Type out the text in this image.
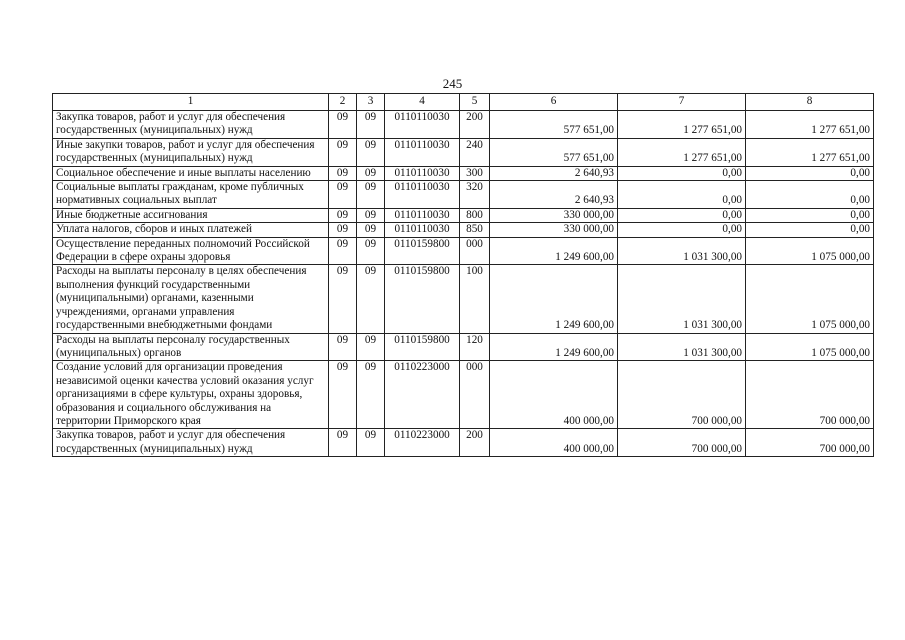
245
1	2	3	4	5	6	7	8
Закупка товаров, работ и услуг для обеспечения государственных (муниципальных) нужд	09	09	0110110030	200	577 651,00	1 277 651,00	1 277 651,00
Иные закупки товаров, работ и услуг для обеспечения государственных (муниципальных) нужд	09	09	0110110030	240	577 651,00	1 277 651,00	1 277 651,00
Социальное обеспечение и иные выплаты населению	09	09	0110110030	300	2 640,93	0,00	0,00
Социальные выплаты гражданам, кроме публичных нормативных социальных выплат	09	09	0110110030	320	2 640,93	0,00	0,00
Иные бюджетные ассигнования	09	09	0110110030	800	330 000,00	0,00	0,00
Уплата налогов, сборов и иных платежей	09	09	0110110030	850	330 000,00	0,00	0,00
Осуществление переданных полномочий Российской Федерации в сфере охраны здоровья	09	09	0110159800	000	1 249 600,00	1 031 300,00	1 075 000,00
Расходы на выплаты персоналу в целях обеспечения выполнения функций государственными (муниципальными) органами, казенными учреждениями, органами управления государственными внебюджетными фондами	09	09	0110159800	100	1 249 600,00	1 031 300,00	1 075 000,00
Расходы на выплаты персоналу государственных (муниципальных) органов	09	09	0110159800	120	1 249 600,00	1 031 300,00	1 075 000,00
Создание условий для организации проведения независимой оценки качества условий оказания услуг организациями в сфере культуры, охраны здоровья, образования и социального обслуживания на территории Приморского края	09	09	0110223000	000	400 000,00	700 000,00	700 000,00
Закупка товаров, работ и услуг для обеспечения государственных (муниципальных) нужд	09	09	0110223000	200	400 000,00	700 000,00	700 000,00
